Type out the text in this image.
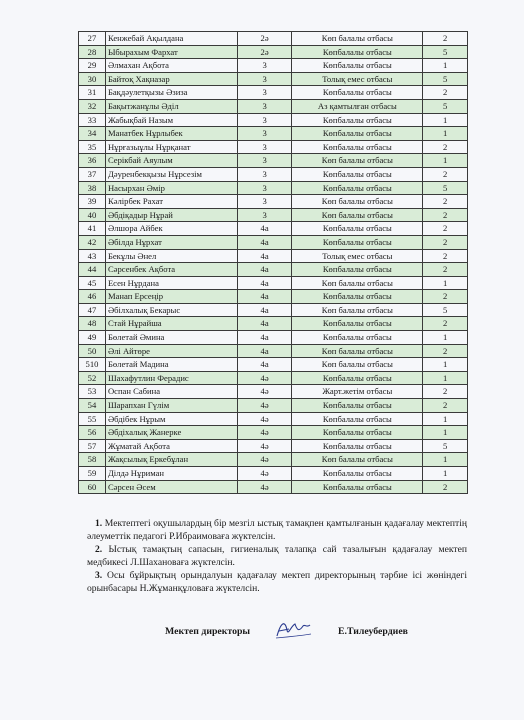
27	Кенжебай Ақылдана	2ә	Көп балалы отбасы	2
28	Ыбырахым Фархат	2ә	Көпбалалы отбасы	5
29	Әлмахан Ақбота	3	Көпбалалы отбасы	1
30	Байтоқ Хақназар	3	Толық емес отбасы	5
31	Бақдәулетқызы Әзиза	3	Көпбалалы отбасы	2
32	Бақытжанұлы Әділ	3	Аз қамтылған отбасы	5
33	Жабықбай Назым	3	Көпбалалы отбасы	1
34	Манатбек Нұрлыбек	3	Көпбалалы отбасы	1
35	Нұрғазыұлы Нұрқанат	3	Көпбалалы отбасы	2
36	Серікбай Аяулым	3	Көп балалы отбасы	1
37	Дәуренбекқызы Нұрсезім	3	Көпбалалы отбасы	2
38	Насырхан Әмір	3	Көпбалалы отбасы	5
39	Кәлірбек Рахат	3	Көп балалы отбасы	2
40	Әбдіқадыр Нұрай	3	Көп балалы отбасы	2
41	Әлшора Айбек	4а	Көпбалалы отбасы	2
42	Әбілда Нұрхат	4а	Көпбалалы отбасы	2
43	Бекұлы Әнел	4а	Толық емес отбасы	2
44	Сәрсенбек Ақбота	4а	Көпбалалы отбасы	2
45	Есен Нұрдана	4а	Көп балалы отбасы	1
46	Манап Ерсеңір	4а	Көпбалалы отбасы	2
47	Әбілхалық Бекарыс	4а	Көп балалы отбасы	5
48	Стай Нұрайша	4а	Көпбалалы отбасы	2
49	Бөлетай Әмина	4а	Көпбалалы отбасы	1
50	Әлі Айтөре	4а	Көп балалы отбасы	2
510	Бөлетай Мадина	4а	Көп балалы отбасы	1
52	Шахафутлин Ферадис	4ә	Көпбалалы отбасы	1
53	Оспан Сабина	4ә	Жарт.жетім отбасы	2
54	Шарапхан Гүлім	4ә	Көпбалалы отбасы	2
55	Әбдібек Нұрым	4ә	Көпбалалы отбасы	1
56	Әбдіхалық Жанерке	4ә	Көпбалалы отбасы	1
57	Жұматай Ақбота	4ә	Көпбалалы отбасы	5
58	Жақсылық Еркебұлан	4ә	Көп балалы отбасы	1
59	Ділдә Нұриман	4ә	Көпбалалы отбасы	1
60	Сәрсен Әсем	4ә	Көпбалалы отбасы	2

1. Мектептегі оқушылардың бір мезгіл ыстық тамақпен қамтылғанын қадағалау мектептің әлеуметтік педагогі Р.Ибраимоваға жүктелсін.

2. Ыстық тамақтың сапасын, гигиеналық талапқа сай тазалығын қадағалау мектеп медбикесі Л.Шахановаға жүктелсін.

3. Осы бұйрықтың орындалуын қадағалау мектеп директорының тәрбие ісі жөніндегі орынбасары Н.Жұманқұловаға жүктелсін.

Мектеп директоры	Е.Тилеубердиев
